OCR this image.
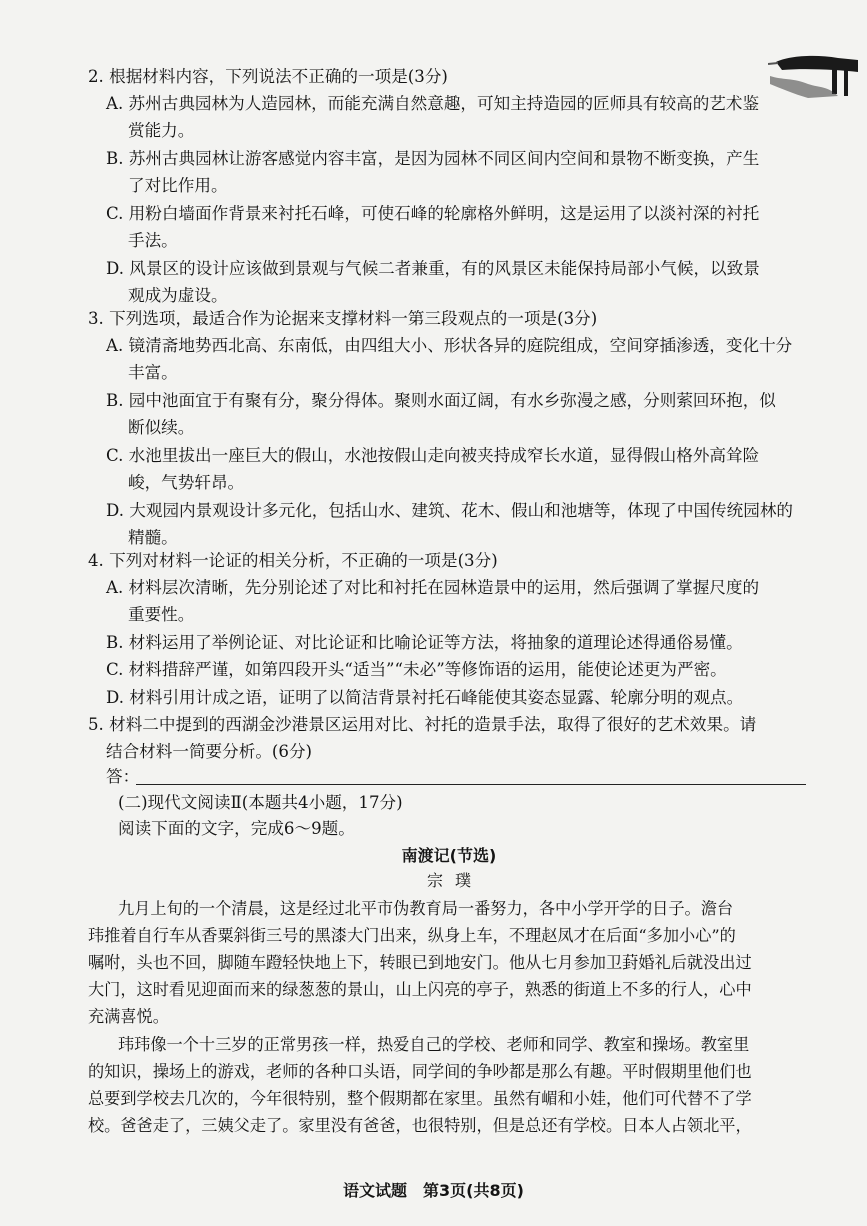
2. 根据材料内容，下列说法不正确的一项是(3分)
A. 苏州古典园林为人造园林，而能充满自然意趣，可知主持造园的匠师具有较高的艺术鉴
赏能力。
B. 苏州古典园林让游客感觉内容丰富，是因为园林不同区间内空间和景物不断变换，产生
了对比作用。
C. 用粉白墙面作背景来衬托石峰，可使石峰的轮廓格外鲜明，这是运用了以淡衬深的衬托
手法。
D. 风景区的设计应该做到景观与气候二者兼重，有的风景区未能保持局部小气候，以致景
观成为虚设。
3. 下列选项，最适合作为论据来支撑材料一第三段观点的一项是(3分)
A. 镜清斋地势西北高、东南低，由四组大小、形状各异的庭院组成，空间穿插渗透，变化十分
丰富。
B. 园中池面宜于有聚有分，聚分得体。聚则水面辽阔，有水乡弥漫之感，分则萦回环抱，似
断似续。
C. 水池里拔出一座巨大的假山，水池按假山走向被夹持成窄长水道，显得假山格外高耸险
峻，气势轩昂。
D. 大观园内景观设计多元化，包括山水、建筑、花木、假山和池塘等，体现了中国传统园林的
精髓。
4. 下列对材料一论证的相关分析，不正确的一项是(3分)
A. 材料层次清晰，先分别论述了对比和衬托在园林造景中的运用，然后强调了掌握尺度的
重要性。
B. 材料运用了举例论证、对比论证和比喻论证等方法，将抽象的道理论述得通俗易懂。
C. 材料措辞严谨，如第四段开头“适当”“未必”等修饰语的运用，能使论述更为严密。
D. 材料引用计成之语，证明了以简洁背景衬托石峰能使其姿态显露、轮廓分明的观点。
5. 材料二中提到的西湖金沙港景区运用对比、衬托的造景手法，取得了很好的艺术效果。请
结合材料一简要分析。(6分)
答：
(二)现代文阅读Ⅱ(本题共4小题，17分)
阅读下面的文字，完成6～9题。
南渡记(节选)
宗璞
九月上旬的一个清晨，这是经过北平市伪教育局一番努力，各中小学开学的日子。澹台
玮推着自行车从香粟斜街三号的黑漆大门出来，纵身上车，不理赵凤才在后面“多加小心”的
嘱咐，头也不回，脚随车蹬轻快地上下，转眼已到地安门。他从七月参加卫葑婚礼后就没出过
大门，这时看见迎面而来的绿葱葱的景山，山上闪亮的亭子，熟悉的街道上不多的行人，心中
充满喜悦。
玮玮像一个十三岁的正常男孩一样，热爱自己的学校、老师和同学、教室和操场。教室里
的知识，操场上的游戏，老师的各种口头语，同学间的争吵都是那么有趣。平时假期里他们也
总要到学校去几次的，今年很特别，整个假期都在家里。虽然有嵋和小娃，他们可代替不了学
校。爸爸走了，三姨父走了。家里没有爸爸，也很特别，但是总还有学校。日本人占领北平，
语文试题　第3页(共8页)
